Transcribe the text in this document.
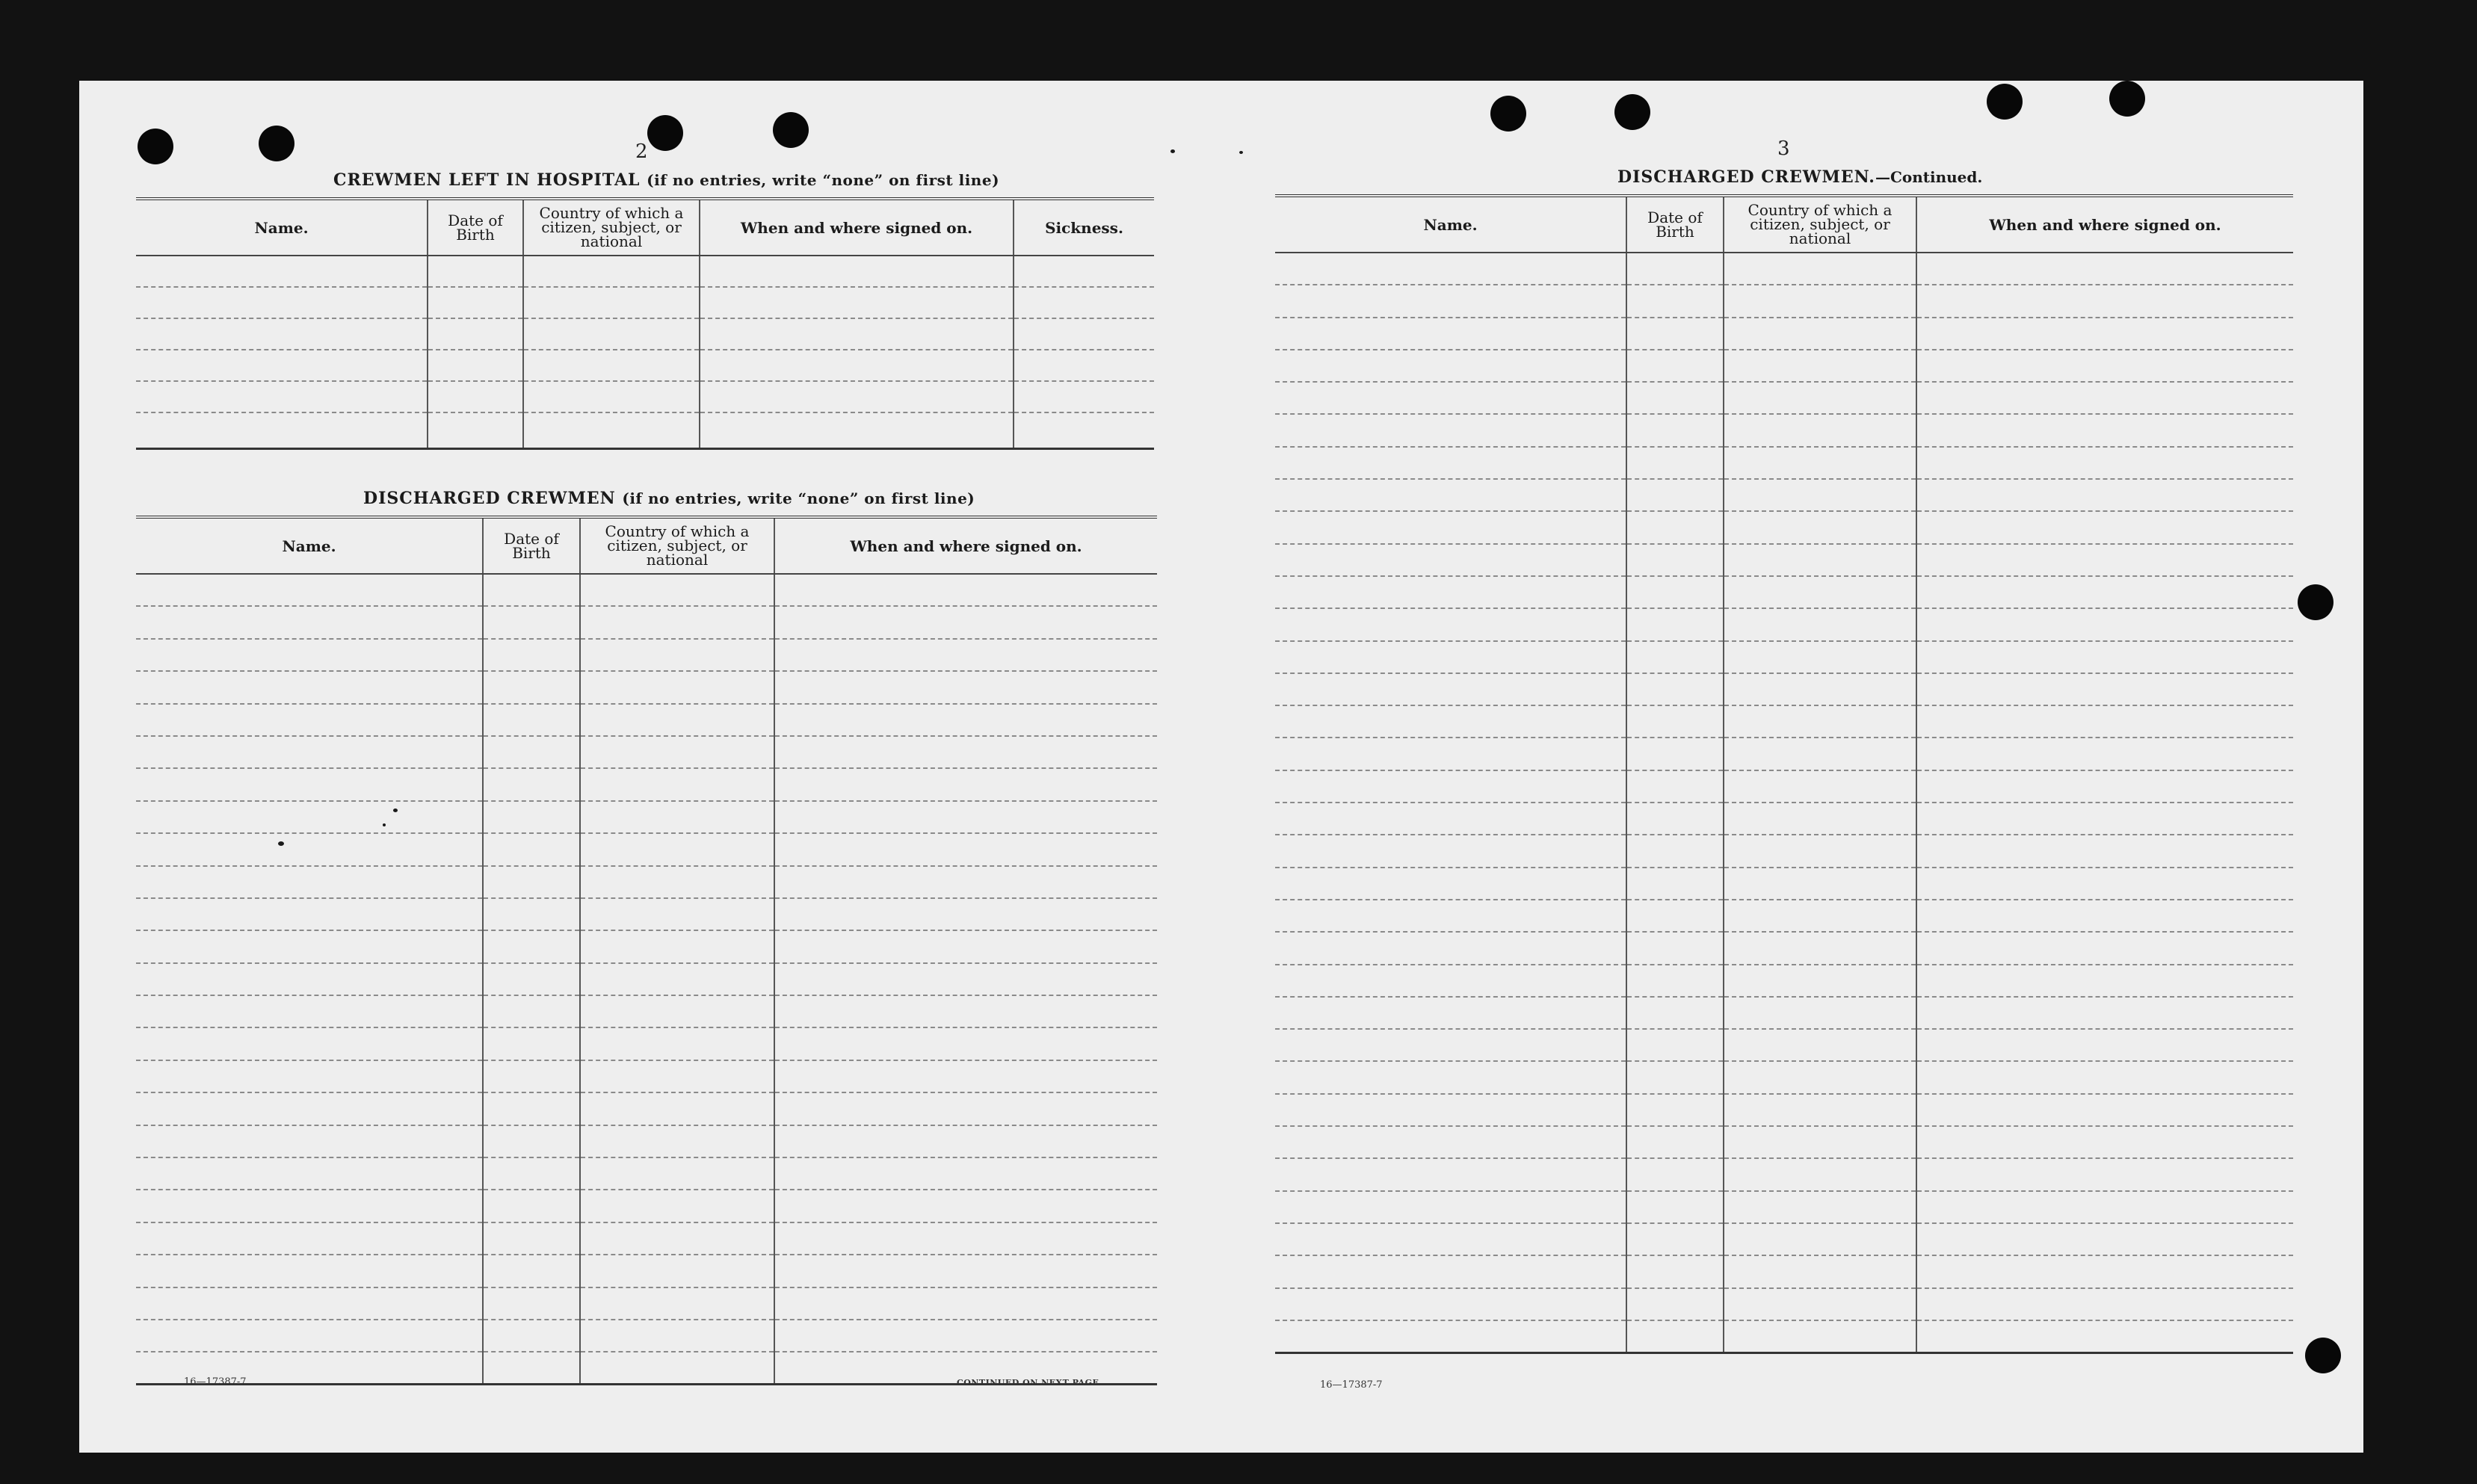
2
CREWMEN LEFT IN HOSPITAL (if no entries, write “none” on first line)
Name.	Date of Birth	Country of which a citizen, subject, or national	When and where signed on.	Sickness.

DISCHARGED CREWMEN (if no entries, write “none” on first line)
Name.	Date of Birth	Country of which a citizen, subject, or national	When and where signed on.

16—17387-7	CONTINUED ON NEXT PAGE.
3
DISCHARGED CREWMEN.—Continued.
Name.	Date of Birth	Country of which a citizen, subject, or national	When and where signed on.

16—17387-7
